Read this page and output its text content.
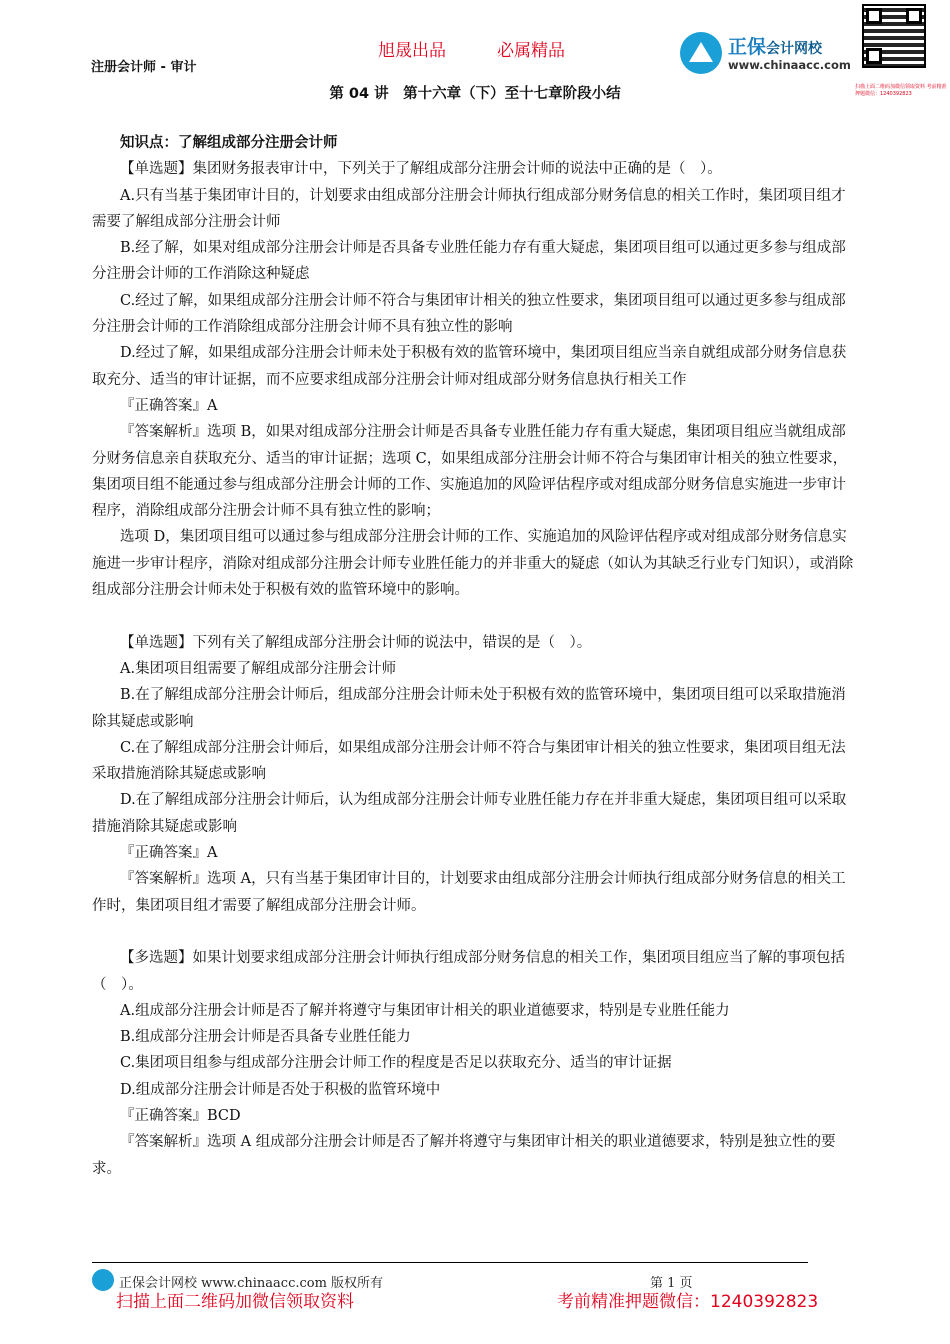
注册会计师 - 审计
旭晟出品	必属精品	正保会计网校
www.chinaacc.com
扫描上面二维码加微信领取资料 考前精准押题微信：1240392823
第 04 讲　第十六章（下）至十七章阶段小结

知识点：了解组成部分注册会计师

【单选题】集团财务报表审计中，下列关于了解组成部分注册会计师的说法中正确的是（　）。

A.只有当基于集团审计目的，计划要求由组成部分注册会计师执行组成部分财务信息的相关工作时，集团项目组才需要了解组成部分注册会计师

B.经了解，如果对组成部分注册会计师是否具备专业胜任能力存有重大疑虑，集团项目组可以通过更多参与组成部分注册会计师的工作消除这种疑虑

C.经过了解，如果组成部分注册会计师不符合与集团审计相关的独立性要求，集团项目组可以通过更多参与组成部分注册会计师的工作消除组成部分注册会计师不具有独立性的影响

D.经过了解，如果组成部分注册会计师未处于积极有效的监管环境中，集团项目组应当亲自就组成部分财务信息获取充分、适当的审计证据，而不应要求组成部分注册会计师对组成部分财务信息执行相关工作

『正确答案』A

『答案解析』选项 B，如果对组成部分注册会计师是否具备专业胜任能力存有重大疑虑，集团项目组应当就组成部分财务信息亲自获取充分、适当的审计证据；选项 C，如果组成部分注册会计师不符合与集团审计相关的独立性要求，集团项目组不能通过参与组成部分注册会计师的工作、实施追加的风险评估程序或对组成部分财务信息实施进一步审计程序，消除组成部分注册会计师不具有独立性的影响；

选项 D，集团项目组可以通过参与组成部分注册会计师的工作、实施追加的风险评估程序或对组成部分财务信息实施进一步审计程序，消除对组成部分注册会计师专业胜任能力的并非重大的疑虑（如认为其缺乏行业专门知识），或消除组成部分注册会计师未处于积极有效的监管环境中的影响。

【单选题】下列有关了解组成部分注册会计师的说法中，错误的是（　）。

A.集团项目组需要了解组成部分注册会计师

B.在了解组成部分注册会计师后，组成部分注册会计师未处于积极有效的监管环境中，集团项目组可以采取措施消除其疑虑或影响

C.在了解组成部分注册会计师后，如果组成部分注册会计师不符合与集团审计相关的独立性要求，集团项目组无法采取措施消除其疑虑或影响

D.在了解组成部分注册会计师后，认为组成部分注册会计师专业胜任能力存在并非重大疑虑，集团项目组可以采取措施消除其疑虑或影响

『正确答案』A

『答案解析』选项 A，只有当基于集团审计目的，计划要求由组成部分注册会计师执行组成部分财务信息的相关工作时，集团项目组才需要了解组成部分注册会计师。

【多选题】如果计划要求组成部分注册会计师执行组成部分财务信息的相关工作，集团项目组应当了解的事项包括（　）。

A.组成部分注册会计师是否了解并将遵守与集团审计相关的职业道德要求，特别是专业胜任能力

B.组成部分注册会计师是否具备专业胜任能力

C.集团项目组参与组成部分注册会计师工作的程度是否足以获取充分、适当的审计证据

D.组成部分注册会计师是否处于积极的监管环境中

『正确答案』BCD

『答案解析』选项 A 组成部分注册会计师是否了解并将遵守与集团审计相关的职业道德要求，特别是独立性的要求。

正保会计网校 www.chinaacc.com 版权所有	第 1 页
扫描上面二维码加微信领取资料	考前精准押题微信：1240392823
